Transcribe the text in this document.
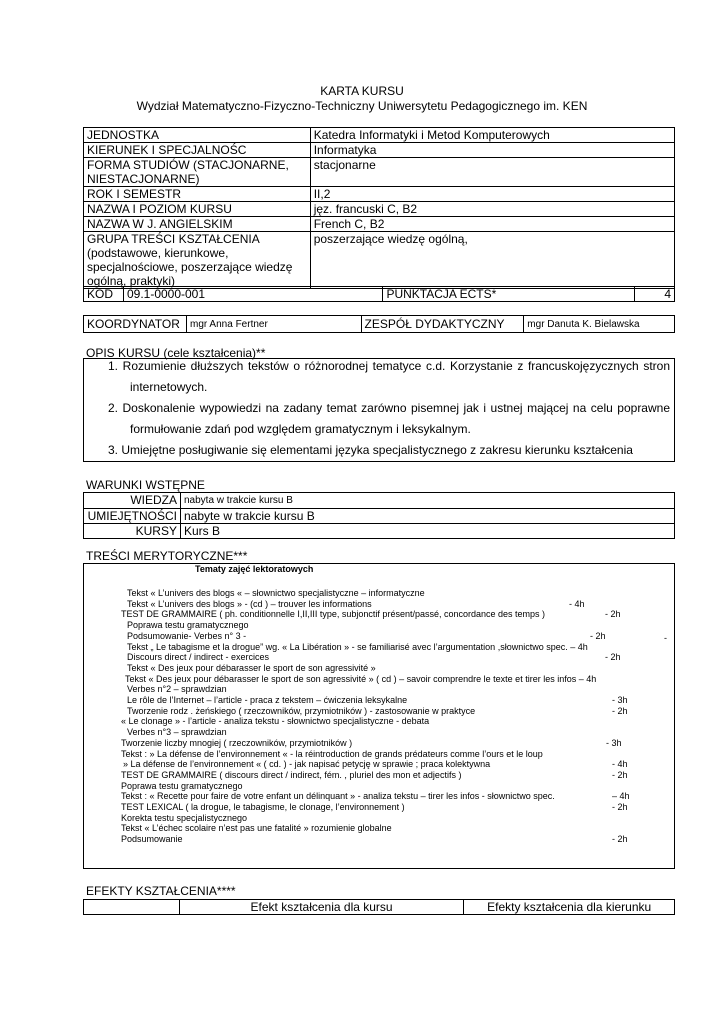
KARTA KURSU
Wydział Matematyczno-Fizyczno-Techniczny Uniwersytetu Pedagogicznego im. KEN
JEDNOSTKA	Katedra Informatyki i Metod Komputerowych
KIERUNEK I SPECJALNOŚC	Informatyka
FORMA STUDIÓW (STACJONARNE, NIESTACJONARNE)	stacjonarne
ROK I SEMESTR	II,2
NAZWA I POZIOM KURSU	jęz. francuski C, B2
NAZWA W J. ANGIELSKIM	French C, B2
GRUPA TREŚCI KSZTAŁCENIA (podstawowe, kierunkowe, specjalnościowe, poszerzające wiedzę ogólną, praktyki)	poszerzające wiedzę ogólną,
KOD	09.1-0000-001	PUNKTACJA ECTS*	4
KOORDYNATOR	mgr Anna Fertner	ZESPÓŁ DYDAKTYCZNY	mgr Danuta K. Bielawska
OPIS KURSU (cele kształcenia)**
1. Rozumienie dłuższych tekstów o różnorodnej tematyce c.d. Korzystanie z francuskojęzycznych stron internetowych.
2. Doskonalenie wypowiedzi na zadany temat zarówno pisemnej jak i ustnej mającej na celu poprawne formułowanie zdań pod względem gramatycznym i leksykalnym.
3. Umiejętne posługiwanie się elementami języka specjalistycznego z zakresu kierunku kształcenia
WARUNKI WSTĘPNE
WIEDZA	nabyta w trakcie kursu B
UMIEJĘTNOŚCI	nabyte w trakcie kursu B
KURSY	Kurs B
TREŚCI MERYTORYCZNE***
Tematy zajęć lektoratowych
Tekst « L’univers des blogs « – słownictwo specjalistyczne – informatyczne
Tekst « L’univers des blogs » - (cd ) – trouver les informations	- 4h
TEST DE GRAMMAIRE ( ph. conditionnelle I,II,III type, subjonctif présent/passé, concordance des temps )	- 2h
Poprawa testu gramatycznego
Podsumowanie- Verbes n° 3 -	- 2h
Tekst „ Le tabagisme et la drogue” wg. « La Libération » - se familiarisé avec l’argumentation ,słownictwo spec. – 4h
Discours direct / indirect - exercices	- 2h
Tekst « Des jeux pour débarasser le sport de son agressivité »
Tekst « Des jeux pour débarasser le sport de son agressivité » ( cd ) – savoir comprendre le texte et tirer les infos – 4h
Verbes n°2 – sprawdzian
Le rôle de l’Internet – l’article - praca z tekstem – ćwiczenia leksykalne	- 3h
Tworzenie rodz . żeńskiego ( rzeczowników, przymiotników ) - zastosowanie w praktyce	- 2h
« Le clonage » - l’article - analiza tekstu - słownictwo specjalistyczne - debata
Verbes n°3 – sprawdzian
Tworzenie liczby mnogiej ( rzeczowników, przymiotników )	- 3h
Tekst : » La défense de l’environnement « - la réintroduction de grands prédateurs comme l’ours et le loup
» La défense de l’environnement « ( cd. ) - jak napisać petycję w sprawie ; praca kolektywna	- 4h
TEST DE GRAMMAIRE ( discours direct / indirect, fém. , pluriel des mon et adjectifs )	- 2h
Poprawa testu gramatycznego
Tekst : « Recette pour faire de votre enfant un délinquant » - analiza tekstu – tirer les infos - słownictwo spec.	– 4h
TEST LEXICAL ( la drogue, le tabagisme, le clonage, l’environnement )	- 2h
Korekta testu specjalistycznego
Tekst « L’échec scolaire n’est pas une fatalité » rozumienie globalne
Podsumowanie	- 2h
-
EFEKTY KSZTAŁCENIA****
	Efekt kształcenia dla kursu	Efekty kształcenia dla kierunku
